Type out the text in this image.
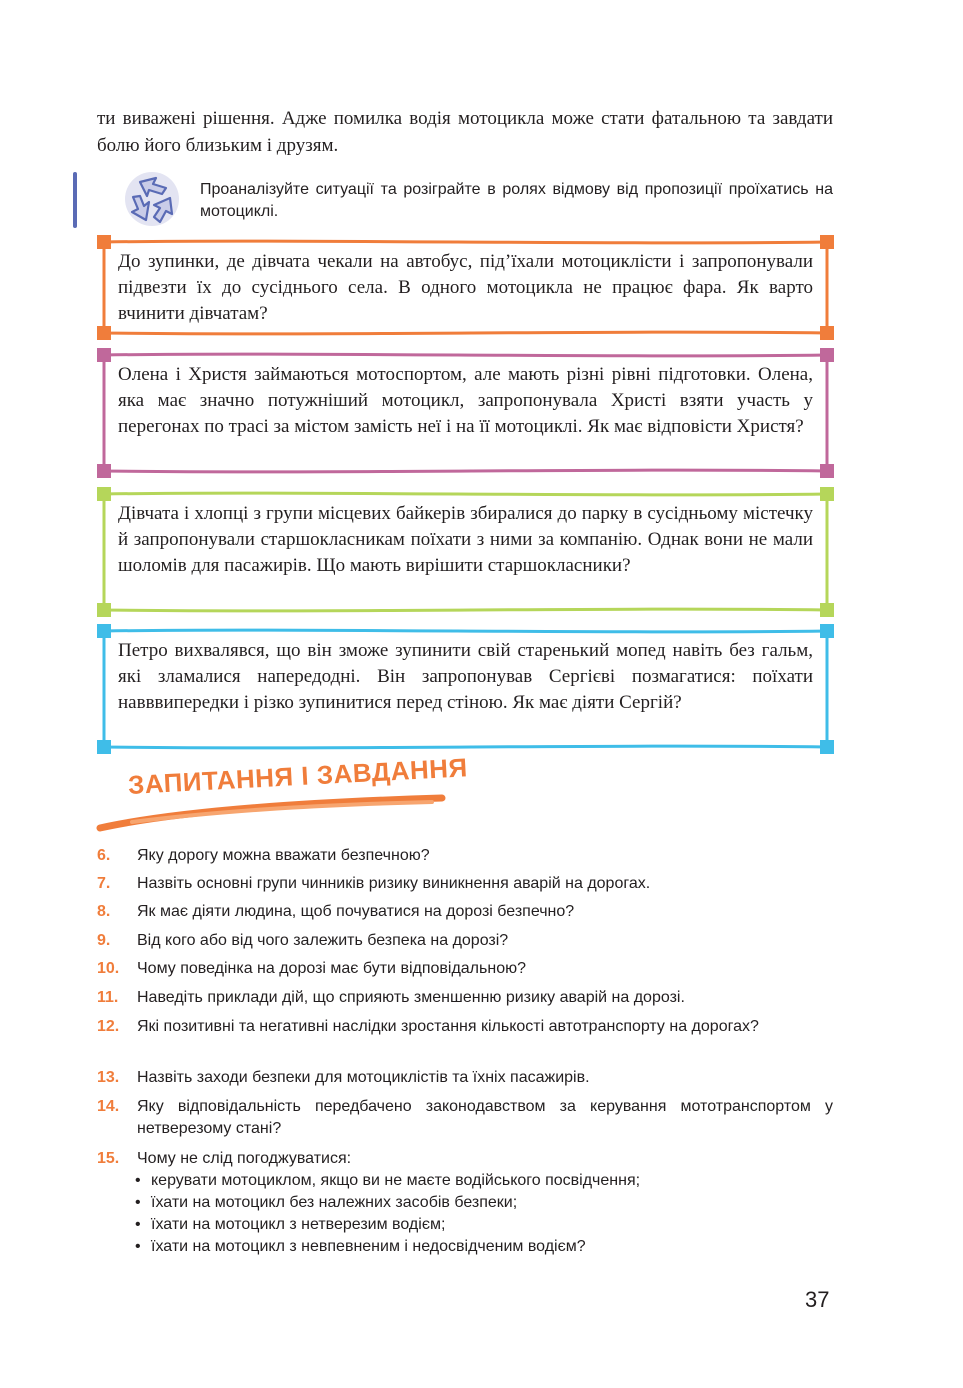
ти виважені рішення. Адже помилка водія мотоцикла може стати фатальною та завдати болю його близьким і друзям.
Проаналізуйте ситуації та розіграйте в ролях відмову від пропозиції проїхатись на мотоциклі.
До зупинки, де дівчата чекали на автобус, під’їхали мотоциклісти і запропонували підвезти їх до сусіднього села. В одного мотоцикла не працює фара. Як варто вчинити дівчатам?
Олена і Христя займаються мотоспортом, але мають різні рівні підготовки. Олена, яка має значно потужніший мотоцикл, запропонувала Христі взяти участь у перегонах по трасі за містом замість неї і на її мотоциклі. Як має відповісти Христя?
Дівчата і хлопці з групи місцевих байкерів збиралися до парку в сусідньому містечку й запропонували старшокласникам поїхати з ними за компанію. Однак вони не мали шоломів для пасажирів. Що мають вирішити старшокласники?
Петро вихвалявся, що він зможе зупинити свій старенький мопед навіть без гальм, які зламалися напередодні. Він запропонував Сергієві позмагатися: поїхати навввипередки і різко зупинитися перед стіною. Як має діяти Сергій?
ЗАПИТАННЯ І ЗАВДАННЯ
6.	Яку дорогу можна вважати безпечною?
7.	Назвіть основні групи чинників ризику виникнення аварій на дорогах.
8.	Як має діяти людина, щоб почуватися на дорозі безпечно?
9.	Від кого або від чого залежить безпека на дорозі?
10.	Чому поведінка на дорозі має бути відповідальною?
11.	Наведіть приклади дій, що сприяють зменшенню ризику аварій на дорозі.
12.	Які позитивні та негативні наслідки зростання кількості автотранспорту на дорогах?
13.	Назвіть заходи безпеки для мотоциклістів та їхніх пасажирів.
14.	Яку відповідальність передбачено законодавством за керування мототранспортом у нетверезому стані?
15.	Чому не слід погоджуватися:
• керувати мотоциклом, якщо ви не маєте водійського посвідчення;
• їхати на мотоцикл без належних засобів безпеки;
• їхати на мотоцикл з нетверезим водієм;
• їхати на мотоцикл з невпевненим і недосвідченим водієм?
37
